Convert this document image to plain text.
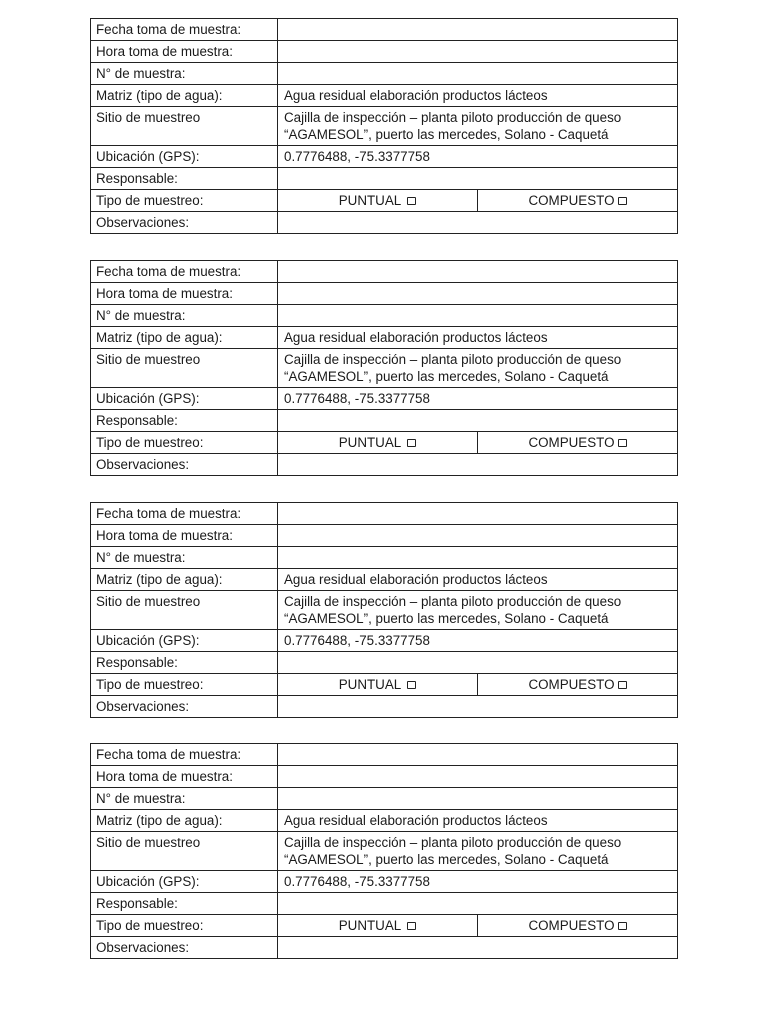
Fecha toma de muestra:		
Hora toma de muestra:		
N° de muestra:		
Matriz (tipo de agua):	Agua residual elaboración productos lácteos	
Sitio de muestreo	Cajilla de inspección – planta piloto producción de queso
“AGAMESOL”, puerto las mercedes, Solano - Caquetá	

Ubicación (GPS):	0.7776488, -75.3377758	
Responsable:		
Tipo de muestreo:	PUNTUAL	COMPUESTO
Observaciones:		
Fecha toma de muestra:		
Hora toma de muestra:		
N° de muestra:		
Matriz (tipo de agua):	Agua residual elaboración productos lácteos	
Sitio de muestreo	Cajilla de inspección – planta piloto producción de queso
“AGAMESOL”, puerto las mercedes, Solano - Caquetá	

Ubicación (GPS):	0.7776488, -75.3377758	
Responsable:		
Tipo de muestreo:	PUNTUAL	COMPUESTO
Observaciones:		
Fecha toma de muestra:		
Hora toma de muestra:		
N° de muestra:		
Matriz (tipo de agua):	Agua residual elaboración productos lácteos	
Sitio de muestreo	Cajilla de inspección – planta piloto producción de queso
“AGAMESOL”, puerto las mercedes, Solano - Caquetá	

Ubicación (GPS):	0.7776488, -75.3377758	
Responsable:		
Tipo de muestreo:	PUNTUAL	COMPUESTO
Observaciones:		
Fecha toma de muestra:		
Hora toma de muestra:		
N° de muestra:		
Matriz (tipo de agua):	Agua residual elaboración productos lácteos	
Sitio de muestreo	Cajilla de inspección – planta piloto producción de queso
“AGAMESOL”, puerto las mercedes, Solano - Caquetá	

Ubicación (GPS):	0.7776488, -75.3377758	
Responsable:		
Tipo de muestreo:	PUNTUAL	COMPUESTO
Observaciones:		
